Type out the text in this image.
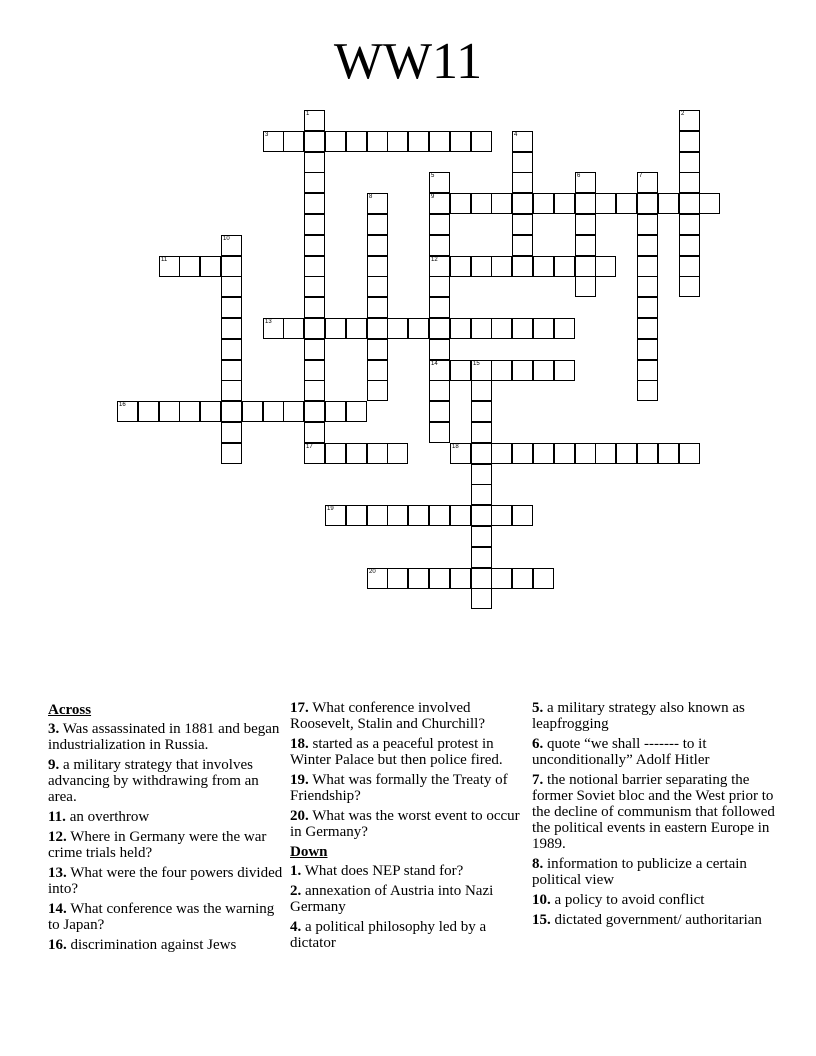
WW11
3
9
11	12
13
14	15
16
17	18
19
20
1	2
4
5	6	7
8
10
Across
3. Was assassinated in 1881 and began industrialization in Russia.
9. a military strategy that involves advancing by withdrawing from an area.
11. an overthrow
12. Where in Germany were the war crime trials held?
13. What were the four powers divided into?
14. What conference was the warning to Japan?
16. discrimination against Jews
17. What conference involved Roosevelt, Stalin and Churchill?
18. started as a peaceful protest in Winter Palace but then police fired.
19. What was formally the Treaty of Friendship?
20. What was the worst event to occur in Germany?
Down
1. What does NEP stand for?
2. annexation of Austria into Nazi Germany
4. a political philosophy led by a dictator
5. a military strategy also known as leapfrogging
6. quote “we shall ------- to it unconditionally” Adolf Hitler
7. the notional barrier separating the former Soviet bloc and the West prior to the decline of communism that followed the political events in eastern Europe in 1989.
8. information to publicize a certain political view
10. a policy to avoid conflict
15. dictated government/ authoritarian
